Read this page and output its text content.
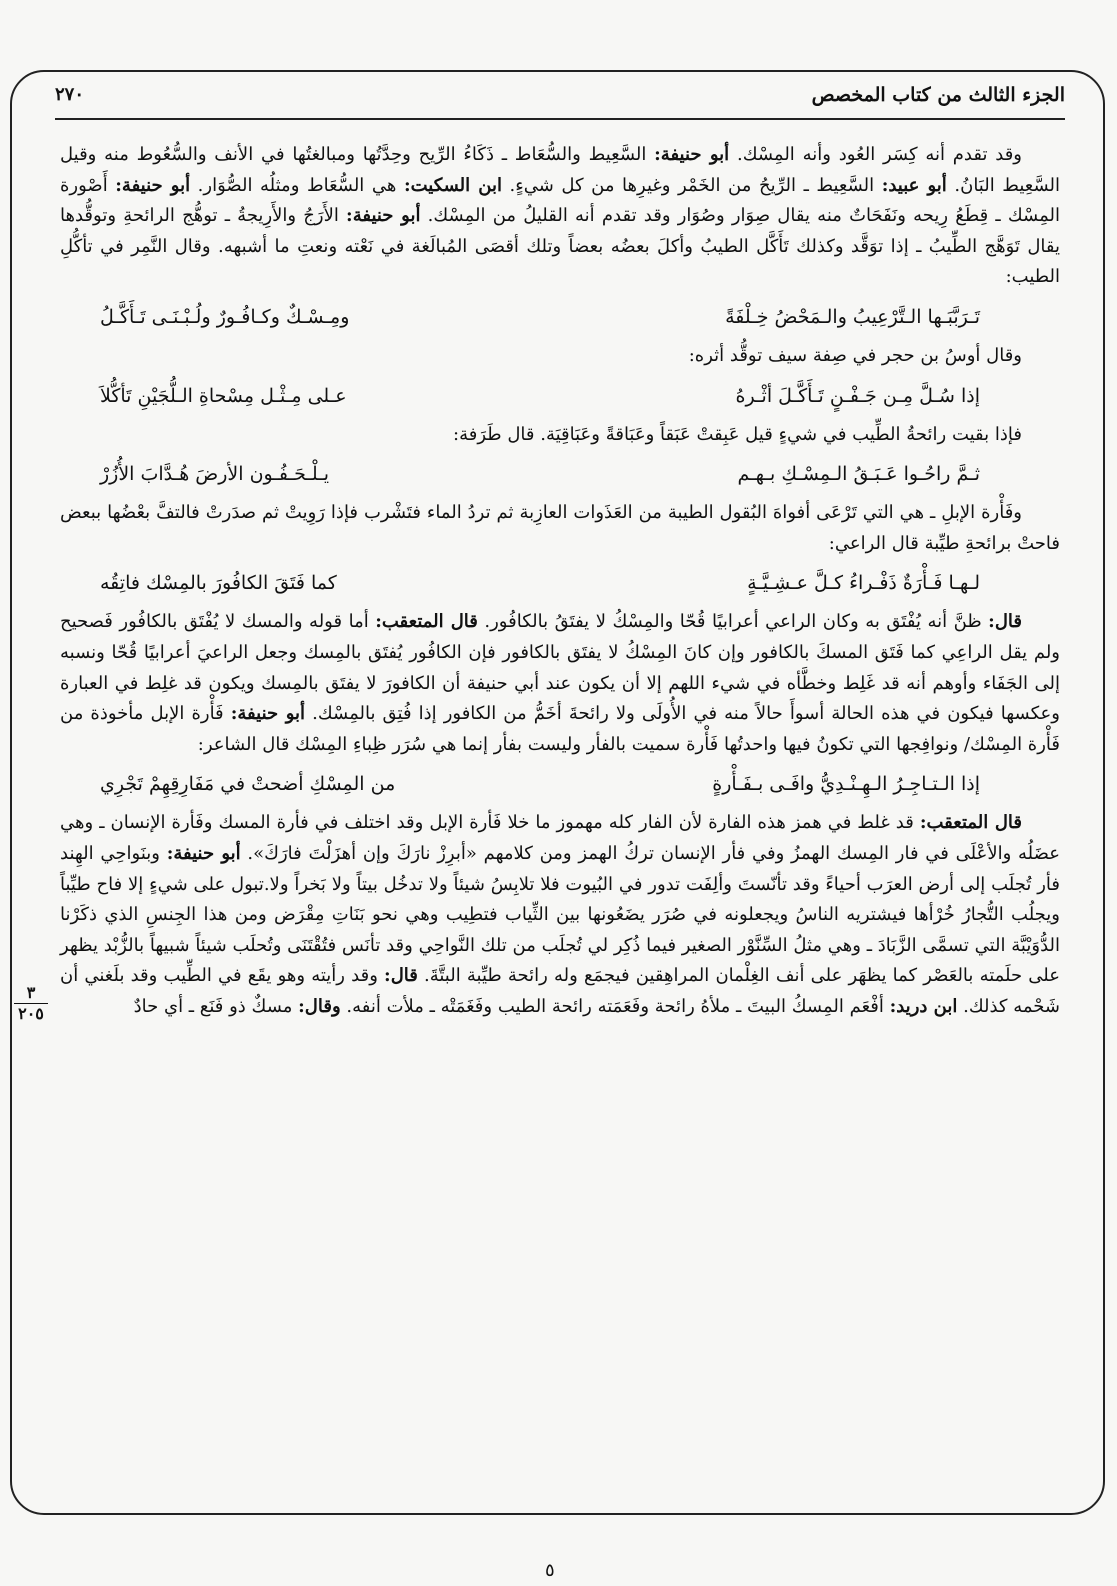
الجزء الثالث من كتاب المخصص
٢٧٠
٣
٢٠٥

وقد تقدم أنه كِسَر العُود وأنه المِسْك. أبو حنيفة: السَّعِيط والسُّعَاط ـ ذَكَاءُ الرِّيح وحِدَّتُها ومبالغتُها في الأنف والسُّعُوط منه وقيل السَّعِيط البَانُ. أبو عبيد: السَّعِيط ـ الرِّيحُ من الخَمْر وغيرِها من كل شيءٍ. ابن السكيت: هي السُّعَاط ومثلُه الصُّوَار. أبو حنيفة: أَصْورة المِسْك ـ قِطَعُ رِيحه ونَفَحَاتٌ منه يقال صِوَار وصُوَار وقد تقدم أنه القليلُ من المِسْك. أبو حنيفة: الأَرَجُ والأَرِيجةُ ـ توهُّج الرائحةِ وتوقُّدها يقال تَوَهَّج الطِّيبُ ـ إذا توَقَّد وكذلك تَأَكَّل الطيبُ وأكلَ بعضُه بعضاً وتلك أقصَى المُبالَغة في نَعْته ونعتِ ما أشبهه. وقال النَّمِر في تأكُّلِ الطيب:

تَـرَبَّبَـها الـتَّرْعِيبُ والـمَحْضُ خِـلْفَةً
ومِـسْـكٌ وكـافُـورٌ ولُـبْـنَـى تَـأَكَّـلُ

وقال أوسُ بن حجر في صِفة سيف توقُّد أثره:

إذا سُـلَّ مِـن جَـفْـنٍ تَـأَكَّـلَ أثْـرهُ
عـلى مِـثْـل مِسْحاةِ الـلُّجَيْنِ تَأكُّلاَ

فإذا بقيت رائحةُ الطِّيب في شيءٍ قيل عَبِقتْ عَبَقاً وعَبَاقةً وعَبَاقِيَة. قال طَرَفة:

ثـمَّ راحُـوا عَـبَـقُ الـمِسْـكِ بـهـم
يـلْـحَـفُـون الأرضَ هُـدَّابَ الأُزُرْ

وفَأْرة الإبلِ ـ هي التي تَرْعَى أفواهَ البُقول الطيبة من العَذَوات العازِبة ثم تردُ الماء فتَشْرب فإذا رَوِيتْ ثم صدَرتْ فالتفَّ بعْضُها ببعض فاحتْ برائحةِ طيِّبة قال الراعي:

لـهـا فَـأْرَةٌ ذَفْـراءُ كـلَّ عـشِـيَّـةٍ
كما فَتَقَ الكافُورَ بالمِسْك فاتِقُه

قال: ظنَّ أنه يُفْتَق به وكان الراعي أعرابيًا قُحّا والمِسْكُ لا يفتَقُ بالكافُور. قال المتعقب: أما قوله والمسك لا يُفْتَق بالكافُور فَصحيح ولم يقل الراعِي كما فَتَق المسكَ بالكافور وإن كانَ المِسْكُ لا يفتَق بالكافور فإن الكافُور يُفتَق بالمِسك وجعل الراعيَ أعرابيًا قُحّا ونسبه إلى الجَفَاء وأوهم أنه قد غَلِط وخطَّأه في شيء اللهم إلا أن يكون عند أبي حنيفة أن الكافورَ لا يفتَق بالمِسك ويكون قد غلِط في العبارة وعكسها فيكون في هذه الحالة أسوأَ حالاً منه في الأُولَى ولا رائحةَ أخَمُّ من الكافور إذا فُتِق بالمِسْك. أبو حنيفة: فَأْرة الإبل مأخوذة من فَأْرة المِسْك/ ونوافِجها التي تكونُ فيها واحدتُها فَأْرة سميت بالفأر وليست بفأر إنما هي سُرَر ظِباءِ المِسْك قال الشاعر:

إذا الـتـاجِـرُ الـهِـنْـدِيُّ وافَـى بـفَـأْرةٍ
من المِسْكِ أضحتْ في مَفَارِقِهِمْ تَجْرِي

قال المتعقب: قد غلط في همز هذه الفارة لأن الفار كله مهموز ما خلا فَأرة الإبل وقد اختلف في فأرة المسك وفَأرة الإنسان ـ وهي عضَلُه والأعْلَى في فار المِسك الهمزُ وفي فأر الإنسان تركُ الهمز ومن كلامهم «أبرِزْ نارَكَ وإن أهزَلْتَ فارَكَ». أبو حنيفة: وبنَواحِي الهِند فأر تُجلَب إلى أرض العرَب أحياءً وقد تأنّستَ وألِفَت تدور في البُيوت فلا تلابِسُ شيئاً ولا تدخُل بيتاً ولا بَخراً ولا.تبول على شيءٍ إلا فاح طيِّباً ويجلُب التُّجارُ خُرْأها فيشتريه الناسُ ويجعلونه في صُرَر يضَعُونها بين الثِّياب فتطِيب وهي نحو بَنَاتِ مِقْرَض ومن هذا الجِنسِ الذي ذكَرْنا الدُّوَيْبَّة التي تسمَّى الزَّبَادَ ـ وهي مثلُ السِّنَّوْر الصغير فيما ذُكِر لي تُجلَب من تلك النَّواحِي وقد تأنَس فتُقْتَنَى وتُحلَب شيئاً شبيهاً بالزُّبْد يظهر على حلَمته بالعَصْر كما يظهَر على أنف الغِلْمان المراهِقين فيجمَع وله رائحة طيِّبة البتَّةَ. قال: وقد رأيته وهو يقَع في الطِّيب وقد بلَغني أن شَحْمه كذلك. ابن دريد: أفْعَم المِسكُ البيتَ ـ ملأهُ رائحة وفَعَمَته رائحة الطيب وفَغَمَتْه ـ ملأت أنفه. وقال: مسكٌ ذو فَنَع ـ أي حادٌ

٥
